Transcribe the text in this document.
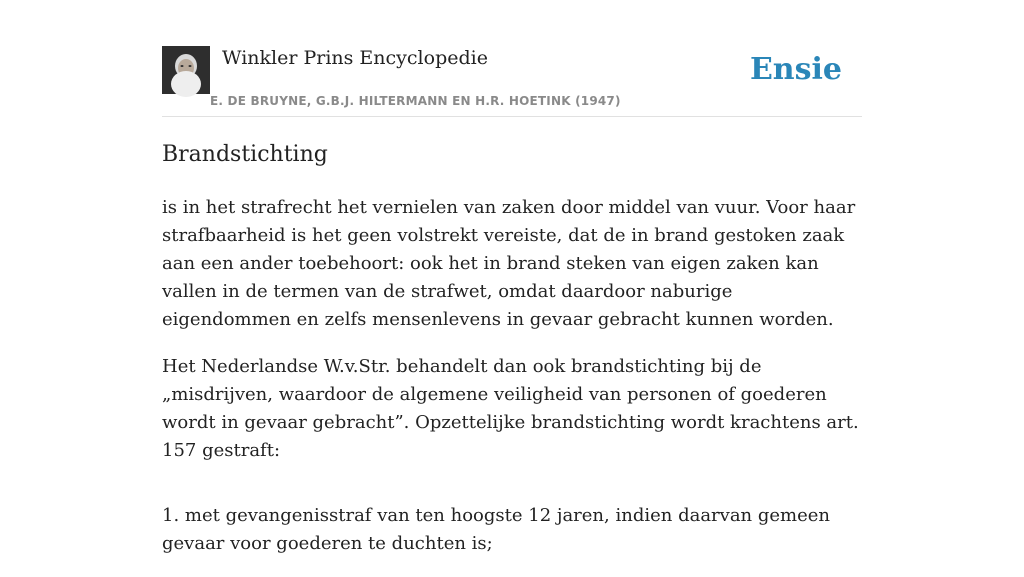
Winkler Prins Encyclopedie
E. DE BRUYNE, G.B.J. HILTERMANN EN H.R. HOETINK (1947)
Ensie
Brandstichting

is in het strafrecht het vernielen van zaken door middel van vuur. Voor haar strafbaarheid is het geen volstrekt vereiste, dat de in brand gestoken zaak aan een ander toebehoort: ook het in brand steken van eigen zaken kan vallen in de termen van de strafwet, omdat daardoor naburige eigendommen en zelfs mensenlevens in gevaar gebracht kunnen worden.

Het Nederlandse W.v.Str. behandelt dan ook brandstichting bij de „misdrijven, waardoor de algemene veiligheid van personen of goederen wordt in gevaar gebracht”. Opzettelijke brandstichting wordt krachtens art. 157 gestraft:

1. met gevangenisstraf van ten hoogste 12 jaren, indien daarvan gemeen gevaar voor goederen te duchten is;
